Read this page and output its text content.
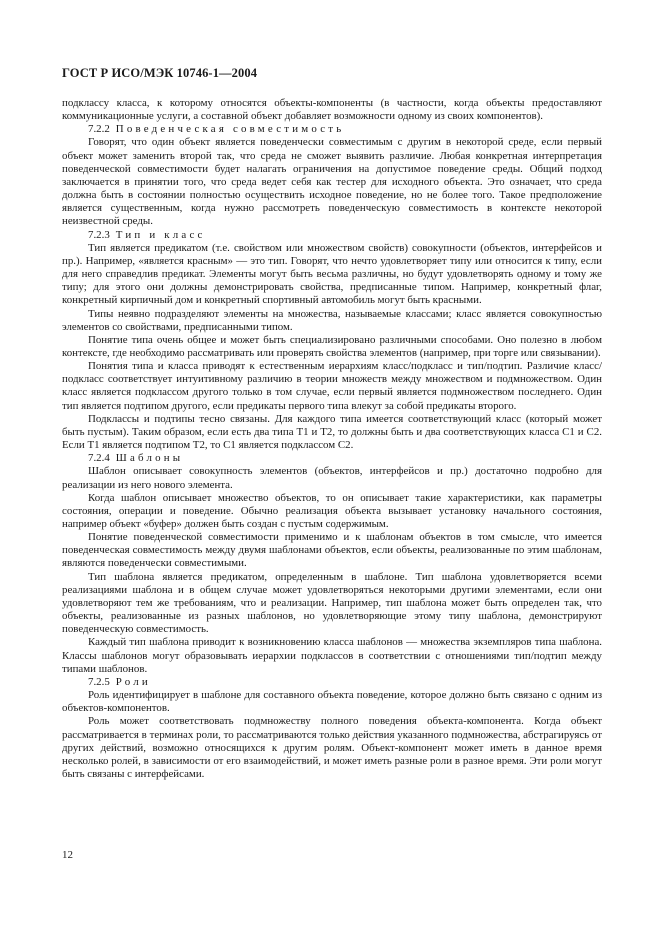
ГОСТ Р ИСО/МЭК 10746-1—2004

подклассу класса, к которому относятся объекты-компоненты (в частности, когда объекты предоставляют коммуникационные услуги, а составной объект добавляет возможности одному из своих компонентов).

7.2.2 Поведенческая совместимость

Говорят, что один объект является поведенчески совместимым с другим в некоторой среде, если первый объект может заменить второй так, что среда не сможет выявить различие. Любая конкретная интерпретация поведенческой совместимости будет налагать ограничения на допустимое поведение среды. Общий подход заключается в принятии того, что среда ведет себя как тестер для исходного объекта. Это означает, что среда должна быть в состоянии полностью осуществить исходное поведение, но не более того. Такое предположение является существенным, когда нужно рассмотреть поведенческую совместимость в контексте некоторой неизвестной среды.

7.2.3 Тип и класс

Тип является предикатом (т.е. свойством или множеством свойств) совокупности (объектов, интерфейсов и пр.). Например, «является красным» — это тип. Говорят, что нечто удовлетворяет типу или относится к типу, если для него справедлив предикат. Элементы могут быть весьма различны, но будут удовлетворять одному и тому же типу; для этого они должны демонстрировать свойства, предписанные типом. Например, конкретный флаг, конкретный кирпичный дом и конкретный спортивный автомобиль могут быть красными.

Типы неявно подразделяют элементы на множества, называемые классами; класс является совокупностью элементов со свойствами, предписанными типом.

Понятие типа очень общее и может быть специализировано различными способами. Оно полезно в любом контексте, где необходимо рассматривать или проверять свойства элементов (например, при торге или связывании).

Понятия типа и класса приводят к естественным иерархиям класс/подкласс и тип/подтип. Различие класс/подкласс соответствует интуитивному различию в теории множеств между множеством и подмножеством. Один класс является подклассом другого только в том случае, если первый является подмножеством последнего. Один тип является подтипом другого, если предикаты первого типа влекут за собой предикаты второго.

Подклассы и подтипы тесно связаны. Для каждого типа имеется соответствующий класс (который может быть пустым). Таким образом, если есть два типа Т1 и Т2, то должны быть и два соответствующих класса С1 и С2. Если Т1 является подтипом Т2, то С1 является подклассом С2.

7.2.4 Шаблоны

Шаблон описывает совокупность элементов (объектов, интерфейсов и пр.) достаточно подробно для реализации из него нового элемента.

Когда шаблон описывает множество объектов, то он описывает такие характеристики, как параметры состояния, операции и поведение. Обычно реализация объекта вызывает установку начального состояния, например объект «буфер» должен быть создан с пустым содержимым.

Понятие поведенческой совместимости применимо и к шаблонам объектов в том смысле, что имеется поведенческая совместимость между двумя шаблонами объектов, если объекты, реализованные по этим шаблонам, являются поведенчески совместимыми.

Тип шаблона является предикатом, определенным в шаблоне. Тип шаблона удовлетворяется всеми реализациями шаблона и в общем случае может удовлетворяться некоторыми другими элементами, если они удовлетворяют тем же требованиям, что и реализации. Например, тип шаблона может быть определен так, что объекты, реализованные из разных шаблонов, но удовлетворяющие этому типу шаблона, демонстрируют поведенческую совместимость.

Каждый тип шаблона приводит к возникновению класса шаблонов — множества экземпляров типа шаблона. Классы шаблонов могут образовывать иерархии подклассов в соответствии с отношениями тип/подтип между типами шаблонов.

7.2.5 Роли

Роль идентифицирует в шаблоне для составного объекта поведение, которое должно быть связано с одним из объектов-компонентов.

Роль может соответствовать подмножеству полного поведения объекта-компонента. Когда объект рассматривается в терминах роли, то рассматриваются только действия указанного подмножества, абстрагируясь от других действий, возможно относящихся к другим ролям. Объект-компонент может иметь в данное время несколько ролей, в зависимости от его взаимодействий, и может иметь разные роли в разное время. Эти роли могут быть связаны с интерфейсами.

12
